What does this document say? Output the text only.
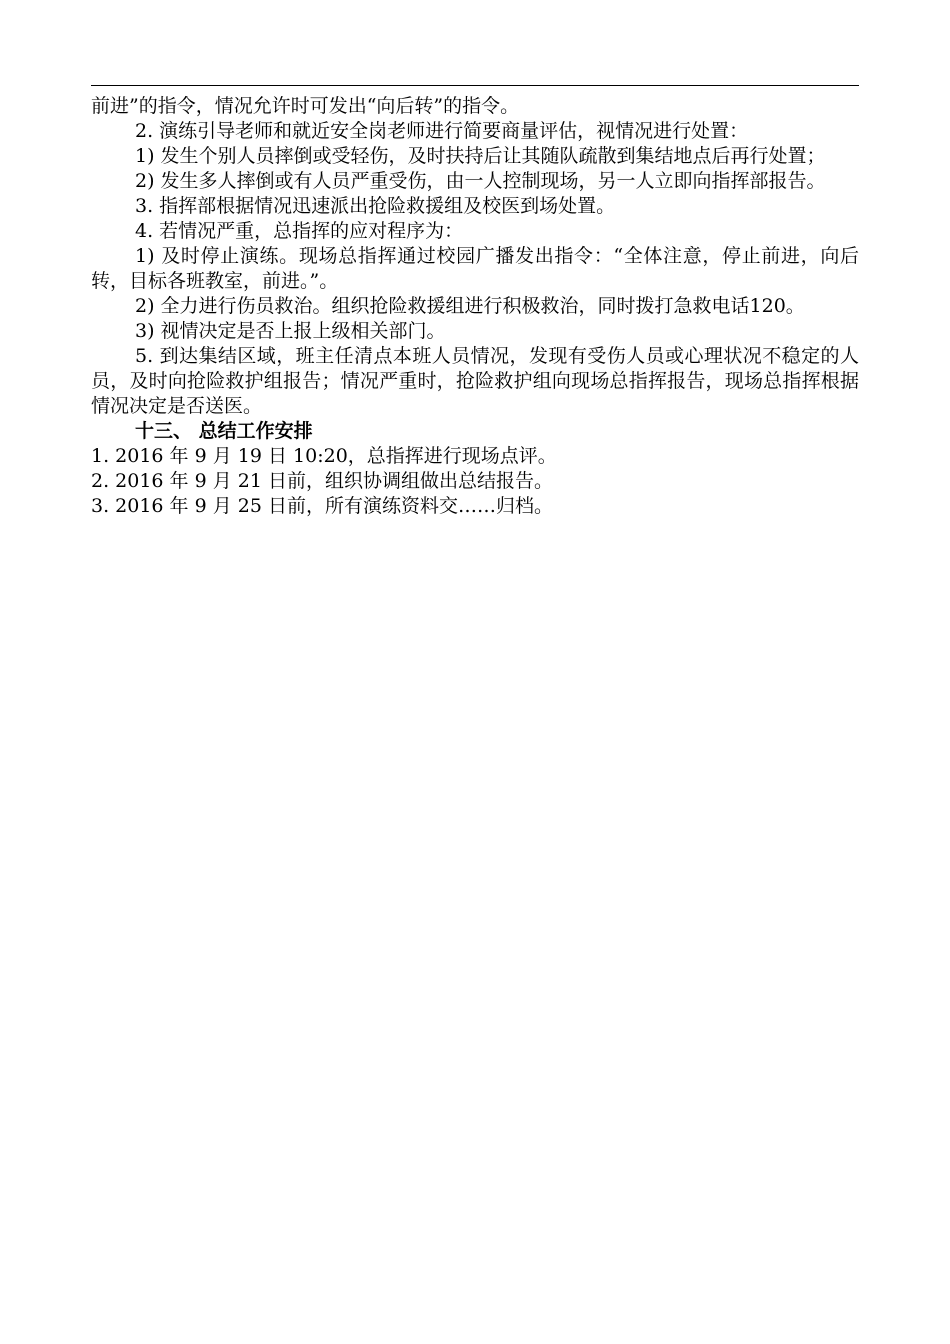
前进”的指令，情况允许时可发出“向后转”的指令。

2. 演练引导老师和就近安全岗老师进行简要商量评估，视情况进行处置：

1) 发生个别人员摔倒或受轻伤，及时扶持后让其随队疏散到集结地点后再行处置；

2) 发生多人摔倒或有人员严重受伤，由一人控制现场，另一人立即向指挥部报告。

3. 指挥部根据情况迅速派出抢险救援组及校医到场处置。

4. 若情况严重，总指挥的应对程序为：

1) 及时停止演练。现场总指挥通过校园广播发出指令：“全体注意，停止前进，向后转，目标各班教室，前进。”。

2) 全力进行伤员救治。组织抢险救援组进行积极救治，同时拨打急救电话120。

3) 视情决定是否上报上级相关部门。

5. 到达集结区域，班主任清点本班人员情况，发现有受伤人员或心理状况不稳定的人员，及时向抢险救护组报告；情况严重时，抢险救护组向现场总指挥报告，现场总指挥根据情况决定是否送医。

十三、 总结工作安排

1. 2016 年 9 月 19 日 10:20，总指挥进行现场点评。

2. 2016 年 9 月 21 日前，组织协调组做出总结报告。

3. 2016 年 9 月 25 日前，所有演练资料交……归档。
